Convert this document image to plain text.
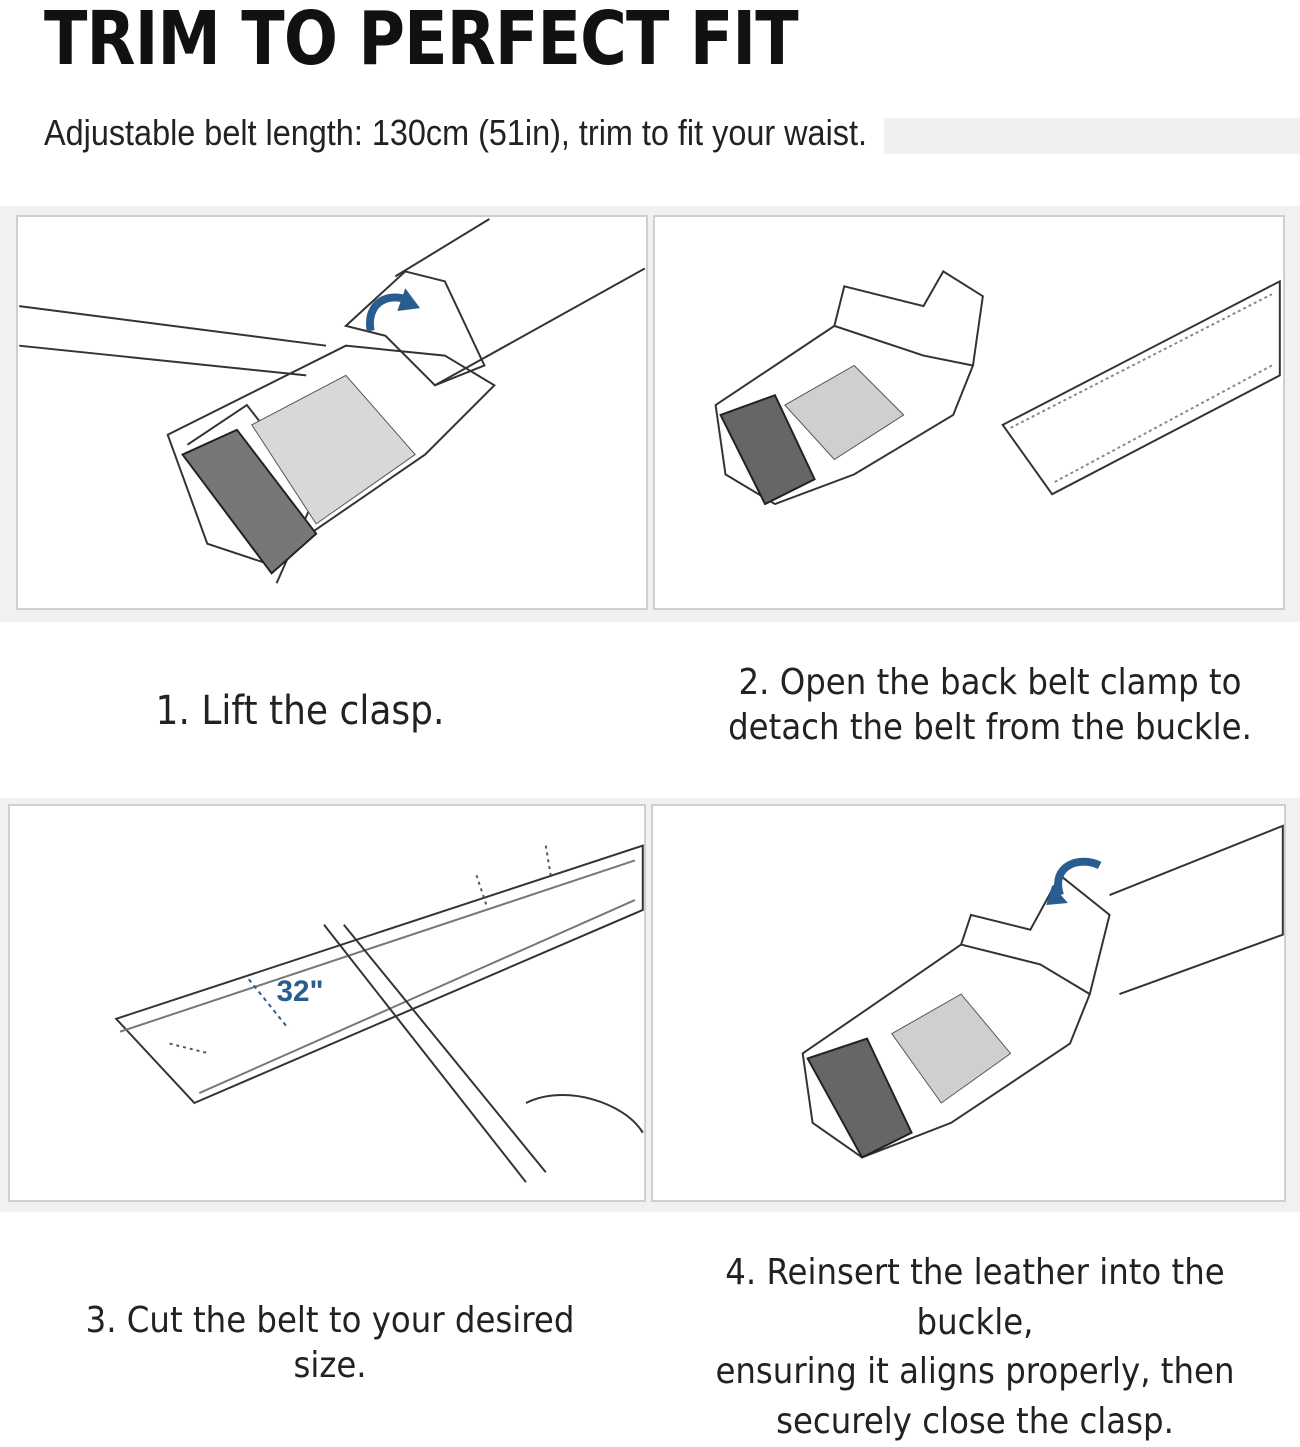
TRIM TO PERFECT FIT
Adjustable belt length: 130cm (51in), trim to fit your waist.
1. Lift the clasp.
2. Open the back belt clamp to
detach the belt from the buckle.
32"
3. Cut the belt to your desired size.
4. Reinsert the leather into the buckle,
ensuring it aligns properly, then
securely close the clasp.
